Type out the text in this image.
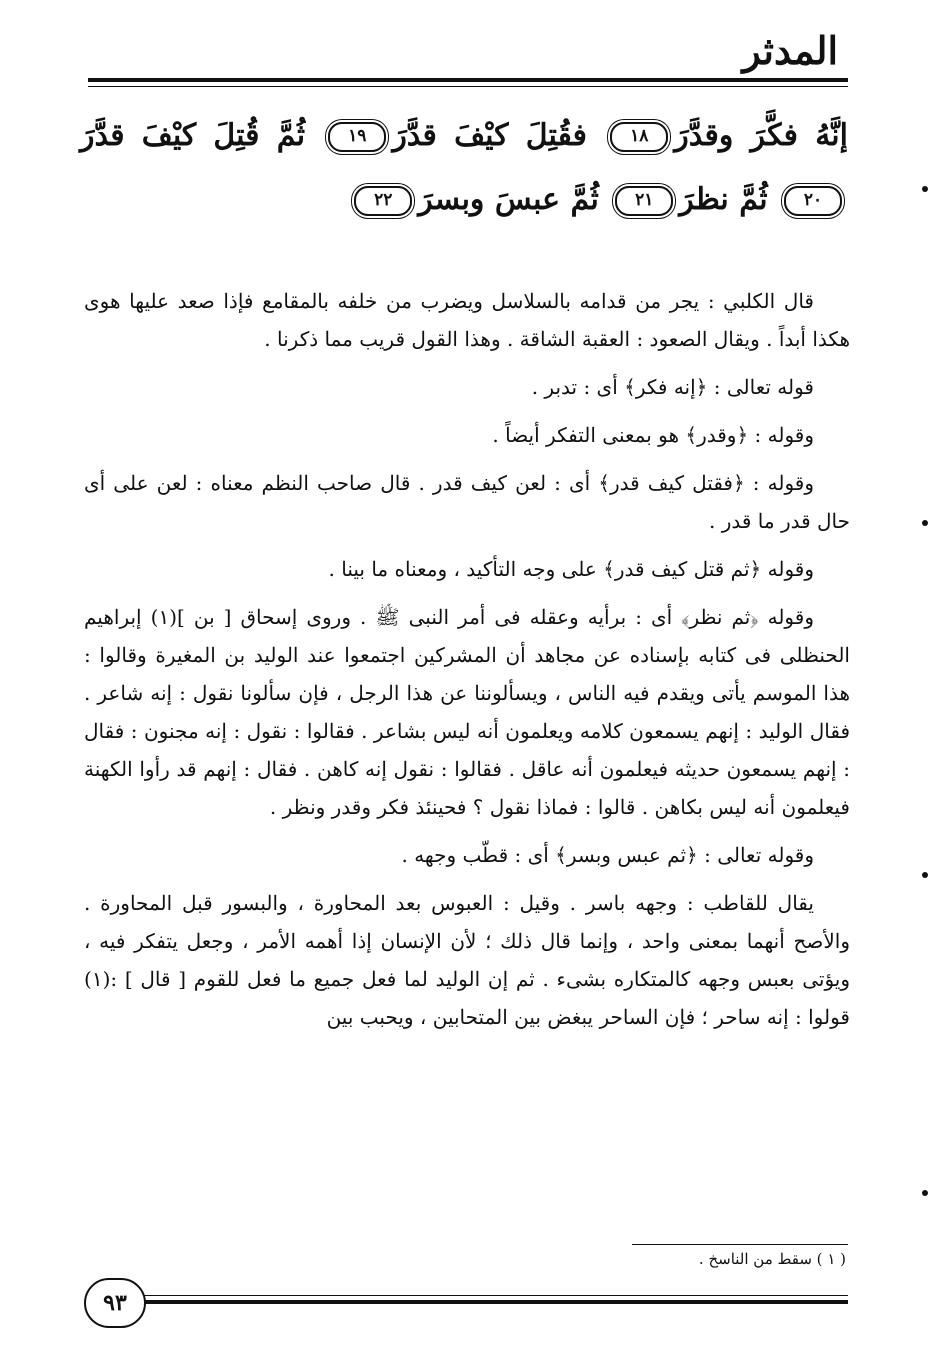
المدثر
إنَّهُ فكَّرَ وقدَّرَ١٨ فقُتِلَ كيْفَ قدَّرَ١٩ ثُمَّ قُتِلَ كيْفَ قدَّرَ٢٠ ثُمَّ نظرَ٢١ ثُمَّ عبسَ وبسرَ٢٢

قال الكلبي : يجر من قدامه بالسلاسل ويضرب من خلفه بالمقامع فإذا صعد عليها هوى هكذا أبداً . ويقال الصعود : العقبة الشاقة . وهذا القول قريب مما ذكرنا .

قوله تعالى : ﴿إنه فكر﴾ أى : تدبر .

وقوله : ﴿وقدر﴾ هو بمعنى التفكر أيضاً .

وقوله : ﴿فقتل كيف قدر﴾ أى : لعن كيف قدر . قال صاحب النظم معناه : لعن على أى حال قدر ما قدر .

وقوله ﴿ثم قتل كيف قدر﴾ على وجه التأكيد ، ومعناه ما بينا .

وقوله ﴿ثم نظر﴾ أى : برأيه وعقله فى أمر النبى ﷺ . وروى إسحاق [ بن ](١) إبراهيم الحنظلى فى كتابه بإسناده عن مجاهد أن المشركين اجتمعوا عند الوليد بن المغيرة وقالوا : هذا الموسم يأتى ويقدم فيه الناس ، ويسألوننا عن هذا الرجل ، فإن سألونا نقول : إنه شاعر . فقال الوليد : إنهم يسمعون كلامه ويعلمون أنه ليس بشاعر . فقالوا : نقول : إنه مجنون : فقال : إنهم يسمعون حديثه فيعلمون أنه عاقل . فقالوا : نقول إنه كاهن . فقال : إنهم قد رأوا الكهنة فيعلمون أنه ليس بكاهن . قالوا : فماذا نقول ؟ فحينئذ فكر وقدر ونظر .

وقوله تعالى : ﴿ثم عبس وبسر﴾ أى : قطّب وجهه .

يقال للقاطب : وجهه باسر . وقيل : العبوس بعد المحاورة ، والبسور قبل المحاورة . والأصح أنهما بمعنى واحد ، وإنما قال ذلك ؛ لأن الإنسان إذا أهمه الأمر ، وجعل يتفكر فيه ، ويؤتى بعبس وجهه كالمتكاره بشىء . ثم إن الوليد لما فعل جميع ما فعل للقوم [ قال ] :(١) قولوا : إنه ساحر ؛ فإن الساحر يبغض بين المتحابين ، ويحبب بين

( ١ ) سقط من الناسخ .
٩٣
